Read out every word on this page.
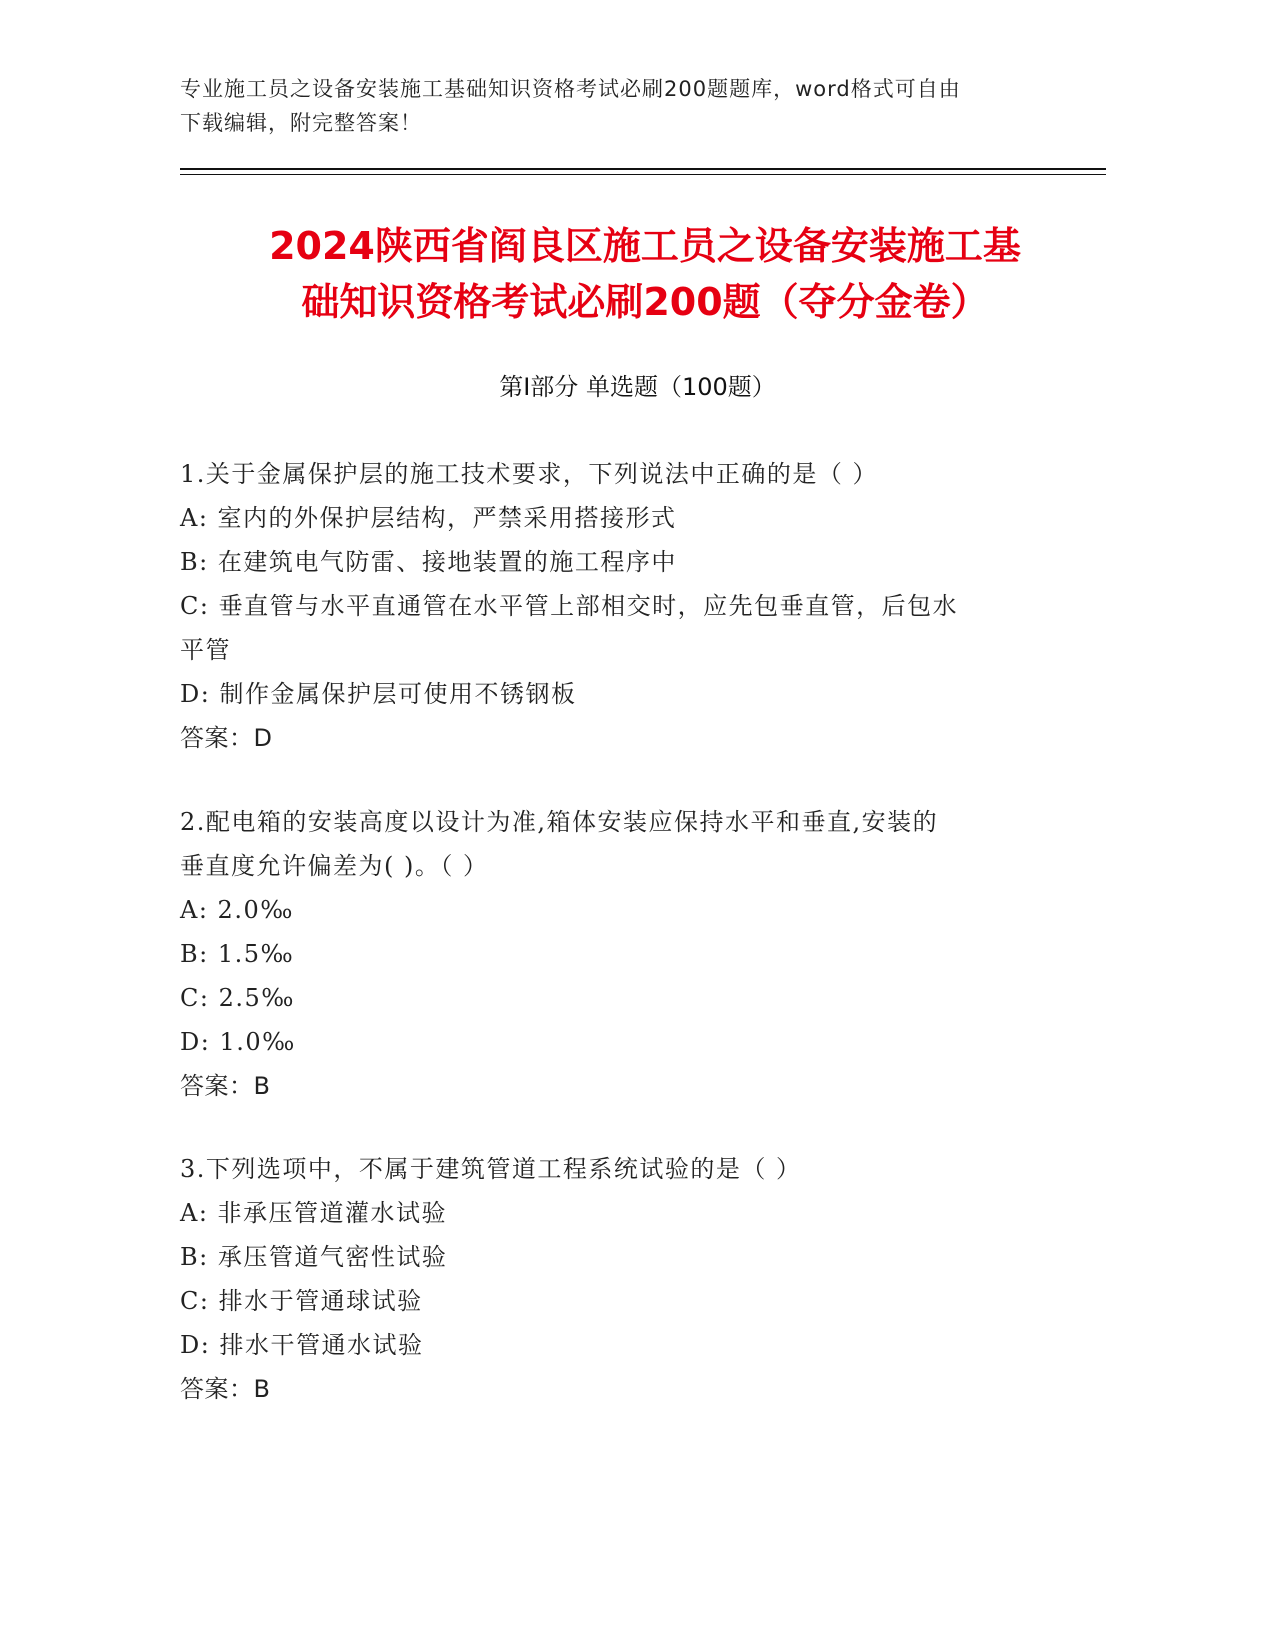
专业施工员之设备安装施工基础知识资格考试必刷200题题库，word格式可自由
下载编辑，附完整答案！
2024陕西省阎良区施工员之设备安装施工基
础知识资格考试必刷200题（夺分金卷）
第Ⅰ部分 单选题（100题）
1.关于金属保护层的施工技术要求，下列说法中正确的是（ ）
A: 室内的外保护层结构，严禁采用搭接形式
B: 在建筑电气防雷、接地装置的施工程序中
C: 垂直管与水平直通管在水平管上部相交时，应先包垂直管，后包水
平管
D: 制作金属保护层可使用不锈钢板
答案：D
2.配电箱的安装高度以设计为准,箱体安装应保持水平和垂直,安装的
垂直度允许偏差为( )。（ ）
A: 2.0‰
B: 1.5‰
C: 2.5‰
D: 1.0‰
答案：B
3.下列选项中，不属于建筑管道工程系统试验的是（ ）
A: 非承压管道灌水试验
B: 承压管道气密性试验
C: 排水于管通球试验
D: 排水干管通水试验
答案：B
